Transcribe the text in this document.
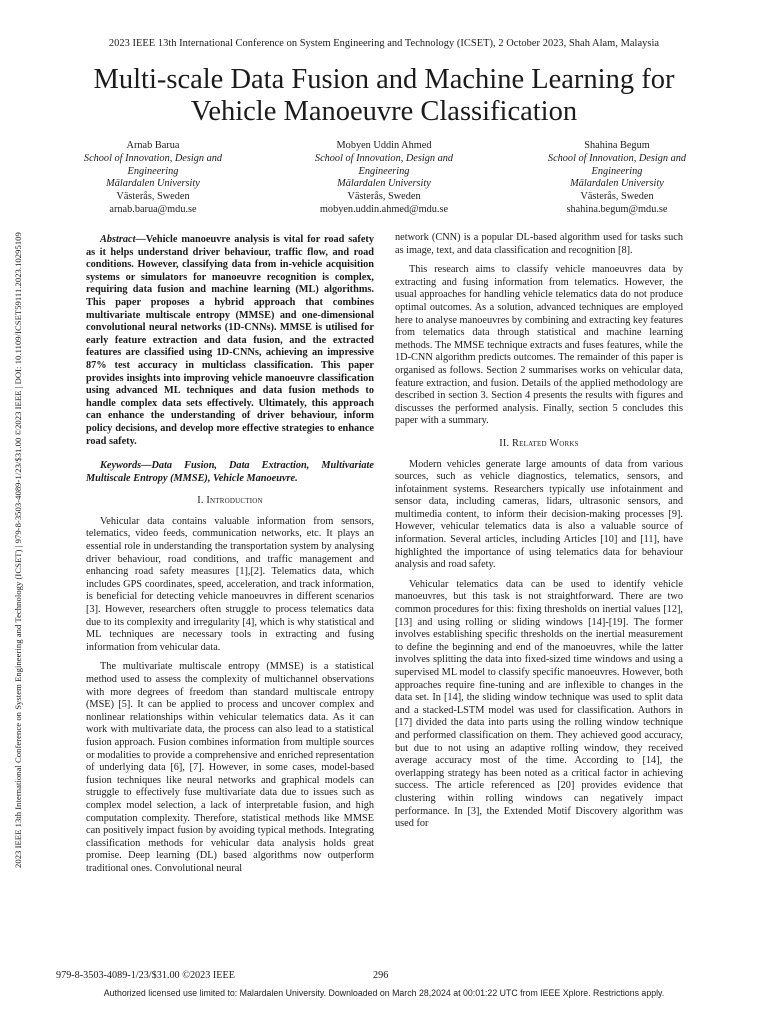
2023 IEEE 13th International Conference on System Engineering and Technology (ICSET), 2 October 2023, Shah Alam, Malaysia
Multi-scale Data Fusion and Machine Learning for
Vehicle Manoeuvre Classification
Arnab Barua
School of Innovation, Design and
Engineering
Mälardalen University
Västerås, Sweden
arnab.barua@mdu.se
Mobyen Uddin Ahmed
School of Innovation, Design and
Engineering
Mälardalen University
Västerås, Sweden
mobyen.uddin.ahmed@mdu.se
Shahina Begum
School of Innovation, Design and
Engineering
Mälardalen University
Västerås, Sweden
shahina.begum@mdu.se
2023 IEEE 13th International Conference on System Engineering and Technology (ICSET) | 979-8-3503-4089-1/23/$31.00 ©2023 IEEE | DOI: 10.1109/ICSET59111.2023.10295109	Abstract—Vehicle manoeuvre analysis is vital for road safety as it helps understand driver behaviour, traffic flow, and road conditions. However, classifying data from in-vehicle acquisition systems or simulators for manoeuvre recognition is complex, requiring data fusion and machine learning (ML) algorithms. This paper proposes a hybrid approach that combines multivariate multiscale entropy (MMSE) and one-dimensional convolutional neural networks (1D-CNNs). MMSE is utilised for early feature extraction and data fusion, and the extracted features are classified using 1D-CNNs, achieving an impressive 87% test accuracy in multiclass classification. This paper provides insights into improving vehicle manoeuvre classification using advanced ML techniques and data fusion methods to handle complex data sets effectively. Ultimately, this approach can enhance the understanding of driver behaviour, inform policy decisions, and develop more effective strategies to enhance road safety.

Keywords—Data Fusion, Data Extraction, Multivariate Multiscale Entropy (MMSE), Vehicle Manoeuvre.

I. Introduction

Vehicular data contains valuable information from sensors, telematics, video feeds, communication networks, etc. It plays an essential role in understanding the transportation system by analysing driver behaviour, road conditions, and traffic management and enhancing road safety measures [1],[2]. Telematics data, which includes GPS coordinates, speed, acceleration, and track information, is beneficial for detecting vehicle manoeuvres in different scenarios [3]. However, researchers often struggle to process telematics data due to its complexity and irregularity [4], which is why statistical and ML techniques are necessary tools in extracting and fusing information from vehicular data.

The multivariate multiscale entropy (MMSE) is a statistical method used to assess the complexity of multichannel observations with more degrees of freedom than standard multiscale entropy (MSE) [5]. It can be applied to process and uncover complex and nonlinear relationships within vehicular telematics data. As it can work with multivariate data, the process can also lead to a statistical fusion approach. Fusion combines information from multiple sources or modalities to provide a comprehensive and enriched representation of underlying data [6], [7]. However, in some cases, model-based fusion techniques like neural networks and graphical models can struggle to effectively fuse multivariate data due to issues such as complex model selection, a lack of interpretable fusion, and high computation complexity. Therefore, statistical methods like MMSE can positively impact fusion by avoiding typical methods. Integrating classification methods for vehicular data analysis holds great promise. Deep learning (DL) based algorithms now outperform traditional ones. Convolutional neural

network (CNN) is a popular DL-based algorithm used for tasks such as image, text, and data classification and recognition [8].

This research aims to classify vehicle manoeuvres data by extracting and fusing information from telematics. However, the usual approaches for handling vehicle telematics data do not produce optimal outcomes. As a solution, advanced techniques are employed here to analyse manoeuvres by combining and extracting key features from telematics data through statistical and machine learning methods. The MMSE technique extracts and fuses features, while the 1D-CNN algorithm predicts outcomes. The remainder of this paper is organised as follows. Section 2 summarises works on vehicular data, feature extraction, and fusion. Details of the applied methodology are described in section 3. Section 4 presents the results with figures and discusses the performed analysis. Finally, section 5 concludes this paper with a summary.

II. Related Works

Modern vehicles generate large amounts of data from various sources, such as vehicle diagnostics, telematics, sensors, and infotainment systems. Researchers typically use infotainment and sensor data, including cameras, lidars, ultrasonic sensors, and multimedia content, to inform their decision-making processes [9]. However, vehicular telematics data is also a valuable source of information. Several articles, including Articles [10] and [11], have highlighted the importance of using telematics data for behaviour analysis and road safety.

Vehicular telematics data can be used to identify vehicle manoeuvres, but this task is not straightforward. There are two common procedures for this: fixing thresholds on inertial values [12], [13] and using rolling or sliding windows [14]-[19]. The former involves establishing specific thresholds on the inertial measurement to define the beginning and end of the manoeuvres, while the latter involves splitting the data into fixed-sized time windows and using a supervised ML model to classify specific manoeuvres. However, both approaches require fine-tuning and are inflexible to changes in the data set. In [14], the sliding window technique was used to split data and a stacked-LSTM model was used for classification. Authors in [17] divided the data into parts using the rolling window technique and performed classification on them. They achieved good accuracy, but due to not using an adaptive rolling window, they received average accuracy most of the time. According to [14], the overlapping strategy has been noted as a critical factor in achieving success. The article referenced as [20] provides evidence that clustering within rolling windows can negatively impact performance. In [3], the Extended Motif Discovery algorithm was used for

979-8-3503-4089-1/23/$31.00 ©2023 IEEE	296
Authorized licensed use limited to: Malardalen University. Downloaded on March 28,2024 at 00:01:22 UTC from IEEE Xplore. Restrictions apply.
